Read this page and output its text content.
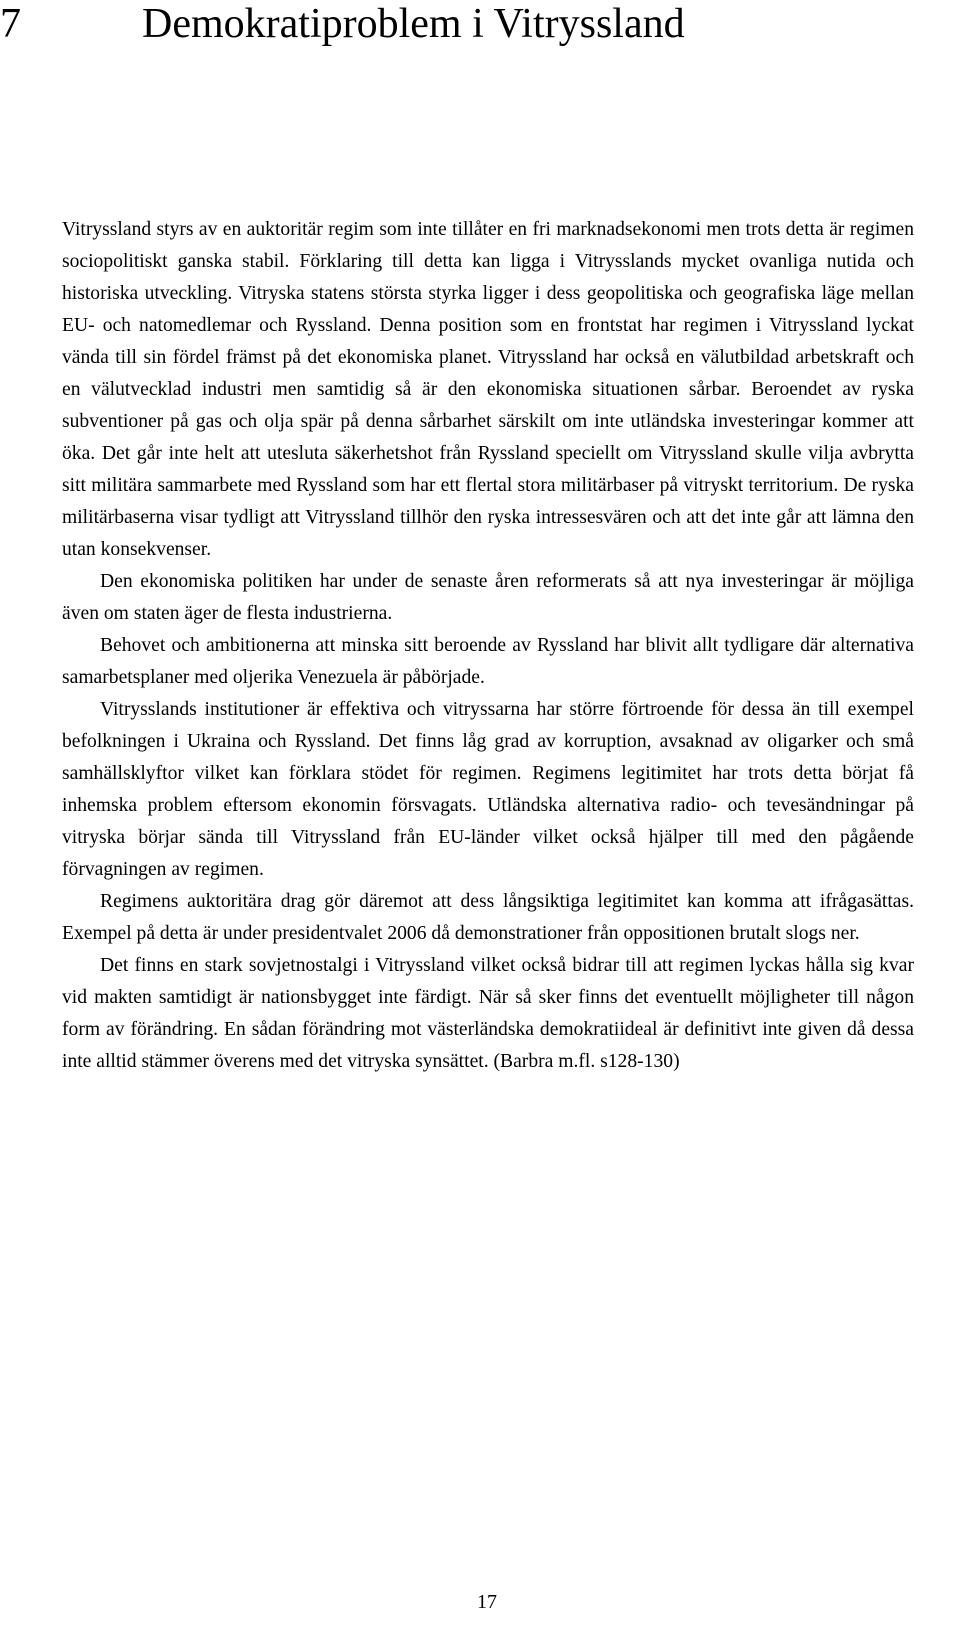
7	Demokratiproblem i Vitryssland

Vitryssland styrs av en auktoritär regim som inte tillåter en fri marknadsekonomi men trots detta är regimen sociopolitiskt ganska stabil. Förklaring till detta kan ligga i Vitrysslands mycket ovanliga nutida och historiska utveckling. Vitryska statens största styrka ligger i dess geopolitiska och geografiska läge mellan EU- och natomedlemar och Ryssland. Denna position som en frontstat har regimen i Vitryssland lyckat vända till sin fördel främst på det ekonomiska planet. Vitryssland har också en välutbildad arbetskraft och en välutvecklad industri men samtidig så är den ekonomiska situationen sårbar. Beroendet av ryska subventioner på gas och olja spär på denna sårbarhet särskilt om inte utländska investeringar kommer att öka. Det går inte helt att utesluta säkerhetshot från Ryssland speciellt om Vitryssland skulle vilja avbrytta sitt militära sammarbete med Ryssland som har ett flertal stora militärbaser på vitryskt territorium. De ryska militärbaserna visar tydligt att Vitryssland tillhör den ryska intressesvären och att det inte går att lämna den utan konsekvenser.

Den ekonomiska politiken har under de senaste åren reformerats så att nya investeringar är möjliga även om staten äger de flesta industrierna.

Behovet och ambitionerna att minska sitt beroende av Ryssland har blivit allt tydligare där alternativa samarbetsplaner med oljerika Venezuela är påbörjade.

Vitrysslands institutioner är effektiva och vitryssarna har större förtroende för dessa än till exempel befolkningen i Ukraina och Ryssland. Det finns låg grad av korruption, avsaknad av oligarker och små samhällsklyftor vilket kan förklara stödet för regimen. Regimens legitimitet har trots detta börjat få inhemska problem eftersom ekonomin försvagats. Utländska alternativa radio- och tevesändningar på vitryska börjar sända till Vitryssland från EU-länder vilket också hjälper till med den pågående förvagningen av regimen.

Regimens auktoritära drag gör däremot att dess långsiktiga legitimitet kan komma att ifrågasättas. Exempel på detta är under presidentvalet 2006 då demonstrationer från oppositionen brutalt slogs ner.

Det finns en stark sovjetnostalgi i Vitryssland vilket också bidrar till att regimen lyckas hålla sig kvar vid makten samtidigt är nationsbygget inte färdigt. När så sker finns det eventuellt möjligheter till någon form av förändring. En sådan förändring mot västerländska demokratiideal är definitivt inte given då dessa inte alltid stämmer överens med det vitryska synsättet. (Barbra m.fl. s128-130)

17
